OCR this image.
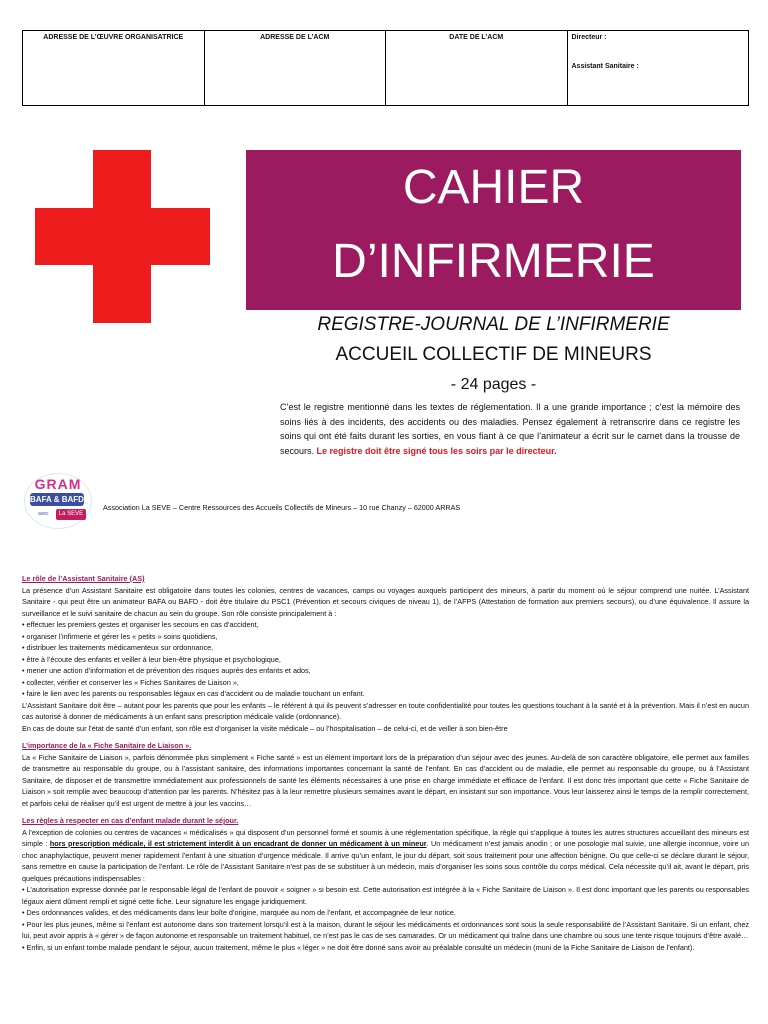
ADRESSE DE L’ŒUVRE ORGANISATRICE	ADRESSE DE L’ACM	DATE DE L’ACM	Directeur :
Assistant Sanitaire :
CAHIER
D’INFIRMERIE
REGISTRE-JOURNAL DE L’INFIRMERIE
ACCUEIL COLLECTIF DE MINEURS
- 24 pages -
C’est le registre mentionné dans les textes de réglementation. Il a une grande importance ; c’est la mémoire des soins liés à des incidents, des accidents ou des maladies. Pensez également à retranscrire dans ce registre les soins qui ont été faits durant les sorties, en vous fiant à ce que l’animateur a écrit sur le carnet dans la trousse de secours. Le registre doit être signé tous les soirs par le directeur.
GRAM
BAFA & BAFD
avec	La SEVE
Association La SEVE – Centre Ressources des Accueils Collectifs de Mineurs – 10 rue Chanzy – 62000 ARRAS

Le rôle de l’Assistant Sanitaire (AS)

La présence d’un Assistant Sanitaire est obligatoire dans toutes les colonies, centres de vacances, camps ou voyages auxquels participent des mineurs, à partir du moment où le séjour comprend une nuitée. L’Assistant Sanitaire - qui peut être un animateur BAFA ou BAFD - doit être titulaire du PSC1 (Prévention et secours civiques de niveau 1), de l’AFPS (Attestation de formation aux premiers secours), ou d’une équivalence. Il assure la surveillance et le suivi sanitaire de chacun au sein du groupe. Son rôle consiste principalement à :

• effectuer les premiers gestes et organiser les secours en cas d’accident,

• organiser l’infirmerie et gérer les « petits » soins quotidiens,

• distribuer les traitements médicamenteux sur ordonnance,

• être à l’écoute des enfants et veiller à leur bien-être physique et psychologique,

• mener une action d’information et de prévention des risques auprès des enfants et ados,

• collecter, vérifier et conserver les « Fiches Sanitaires de Liaison »,

• faire le lien avec les parents ou responsables légaux en cas d’accident ou de maladie touchant un enfant.

L’Assistant Sanitaire doit être – autant pour les parents que pour les enfants – le référent à qui ils peuvent s’adresser en toute confidentialité pour toutes les questions touchant à la santé et à la prévention. Mais il n’est en aucun cas autorisé à donner de médicaments à un enfant sans prescription médicale valide (ordonnance).

En cas de doute sur l’état de santé d’un enfant, son rôle est d’organiser la visite médicale – ou l’hospitalisation – de celui-ci, et de veiller à son bien-être

L’importance de la « Fiche Sanitaire de Liaison ».

La « Fiche Sanitaire de Liaison », parfois dénommée plus simplement « Fiche santé » est un élément important lors de la préparation d’un séjour avec des jeunes. Au-delà de son caractère obligatoire, elle permet aux familles de transmettre au responsable du groupe, ou à l’assistant sanitaire, des informations importantes concernant la santé de l’enfant. En cas d’accident ou de maladie, elle permet au responsable du groupe, ou à l’Assistant Sanitaire, de disposer et de transmettre immédiatement aux professionnels de santé les éléments nécessaires à une prise en charge immédiate et efficace de l’enfant. Il est donc très important que cette « Fiche Sanitaire de Liaison » soit remplie avec beaucoup d’attention par les parents. N’hésitez pas à la leur remettre plusieurs semaines avant le départ, en insistant sur son importance. Vous leur laisserez ainsi le temps de la remplir correctement, et parfois celui de réaliser qu’il est urgent de mettre à jour les vaccins…

Les règles à respecter en cas d’enfant malade durant le séjour.

A l’exception de colonies ou centres de vacances « médicalisés » qui disposent d’un personnel formé et soumis à une réglementation spécifique, la règle qui s’applique à toutes les autres structures accueillant des mineurs est simple : hors prescription médicale, il est strictement interdit à un encadrant de donner un médicament à un mineur. Un médicament n’est jamais anodin ; or une posologie mal suivie, une allergie inconnue, voire un choc anaphylactique, peuvent mener rapidement l’enfant à une situation d’urgence médicale. Il arrive qu’un enfant, le jour du départ, soit sous traitement pour une affection bénigne. Ou que celle-ci se déclare durant le séjour, sans remettre en cause la participation de l’enfant. Le rôle de l’Assistant Sanitaire n’est pas de se substituer à un médecin, mais d’organiser les soins sous contrôle du corps médical. Cela nécessite qu’il ait, avant le départ, pris quelques précautions indispensables :

• L’autorisation expresse donnée par le responsable légal de l’enfant de pouvoir « soigner » si besoin est. Cette autorisation est intégrée à la « Fiche Sanitaire de Liaison ». Il est donc important que les parents ou responsables légaux aient dûment rempli et signé cette fiche. Leur signature les engage juridiquement.

• Des ordonnances valides, et des médicaments dans leur boîte d’origine, marquée au nom de l’enfant, et accompagnée de leur notice.

• Pour les plus jeunes, même si l’enfant est autonome dans son traitement lorsqu’il est à la maison, durant le séjour les médicaments et ordonnances sont sous la seule responsabilité de l’Assistant Sanitaire. Si un enfant, chez lui, peut avoir appris à « gérer » de façon autonome et responsable un traitement habituel, ce n’est pas le cas de ses camarades. Or un médicament qui traîne dans une chambre ou sous une tente risque toujours d’être avalé…

• Enfin, si un enfant tombe malade pendant le séjour, aucun traitement, même le plus « léger » ne doit être donné sans avoir au préalable consulté un médecin (muni de la Fiche Sanitaire de Liaison de l’enfant).
